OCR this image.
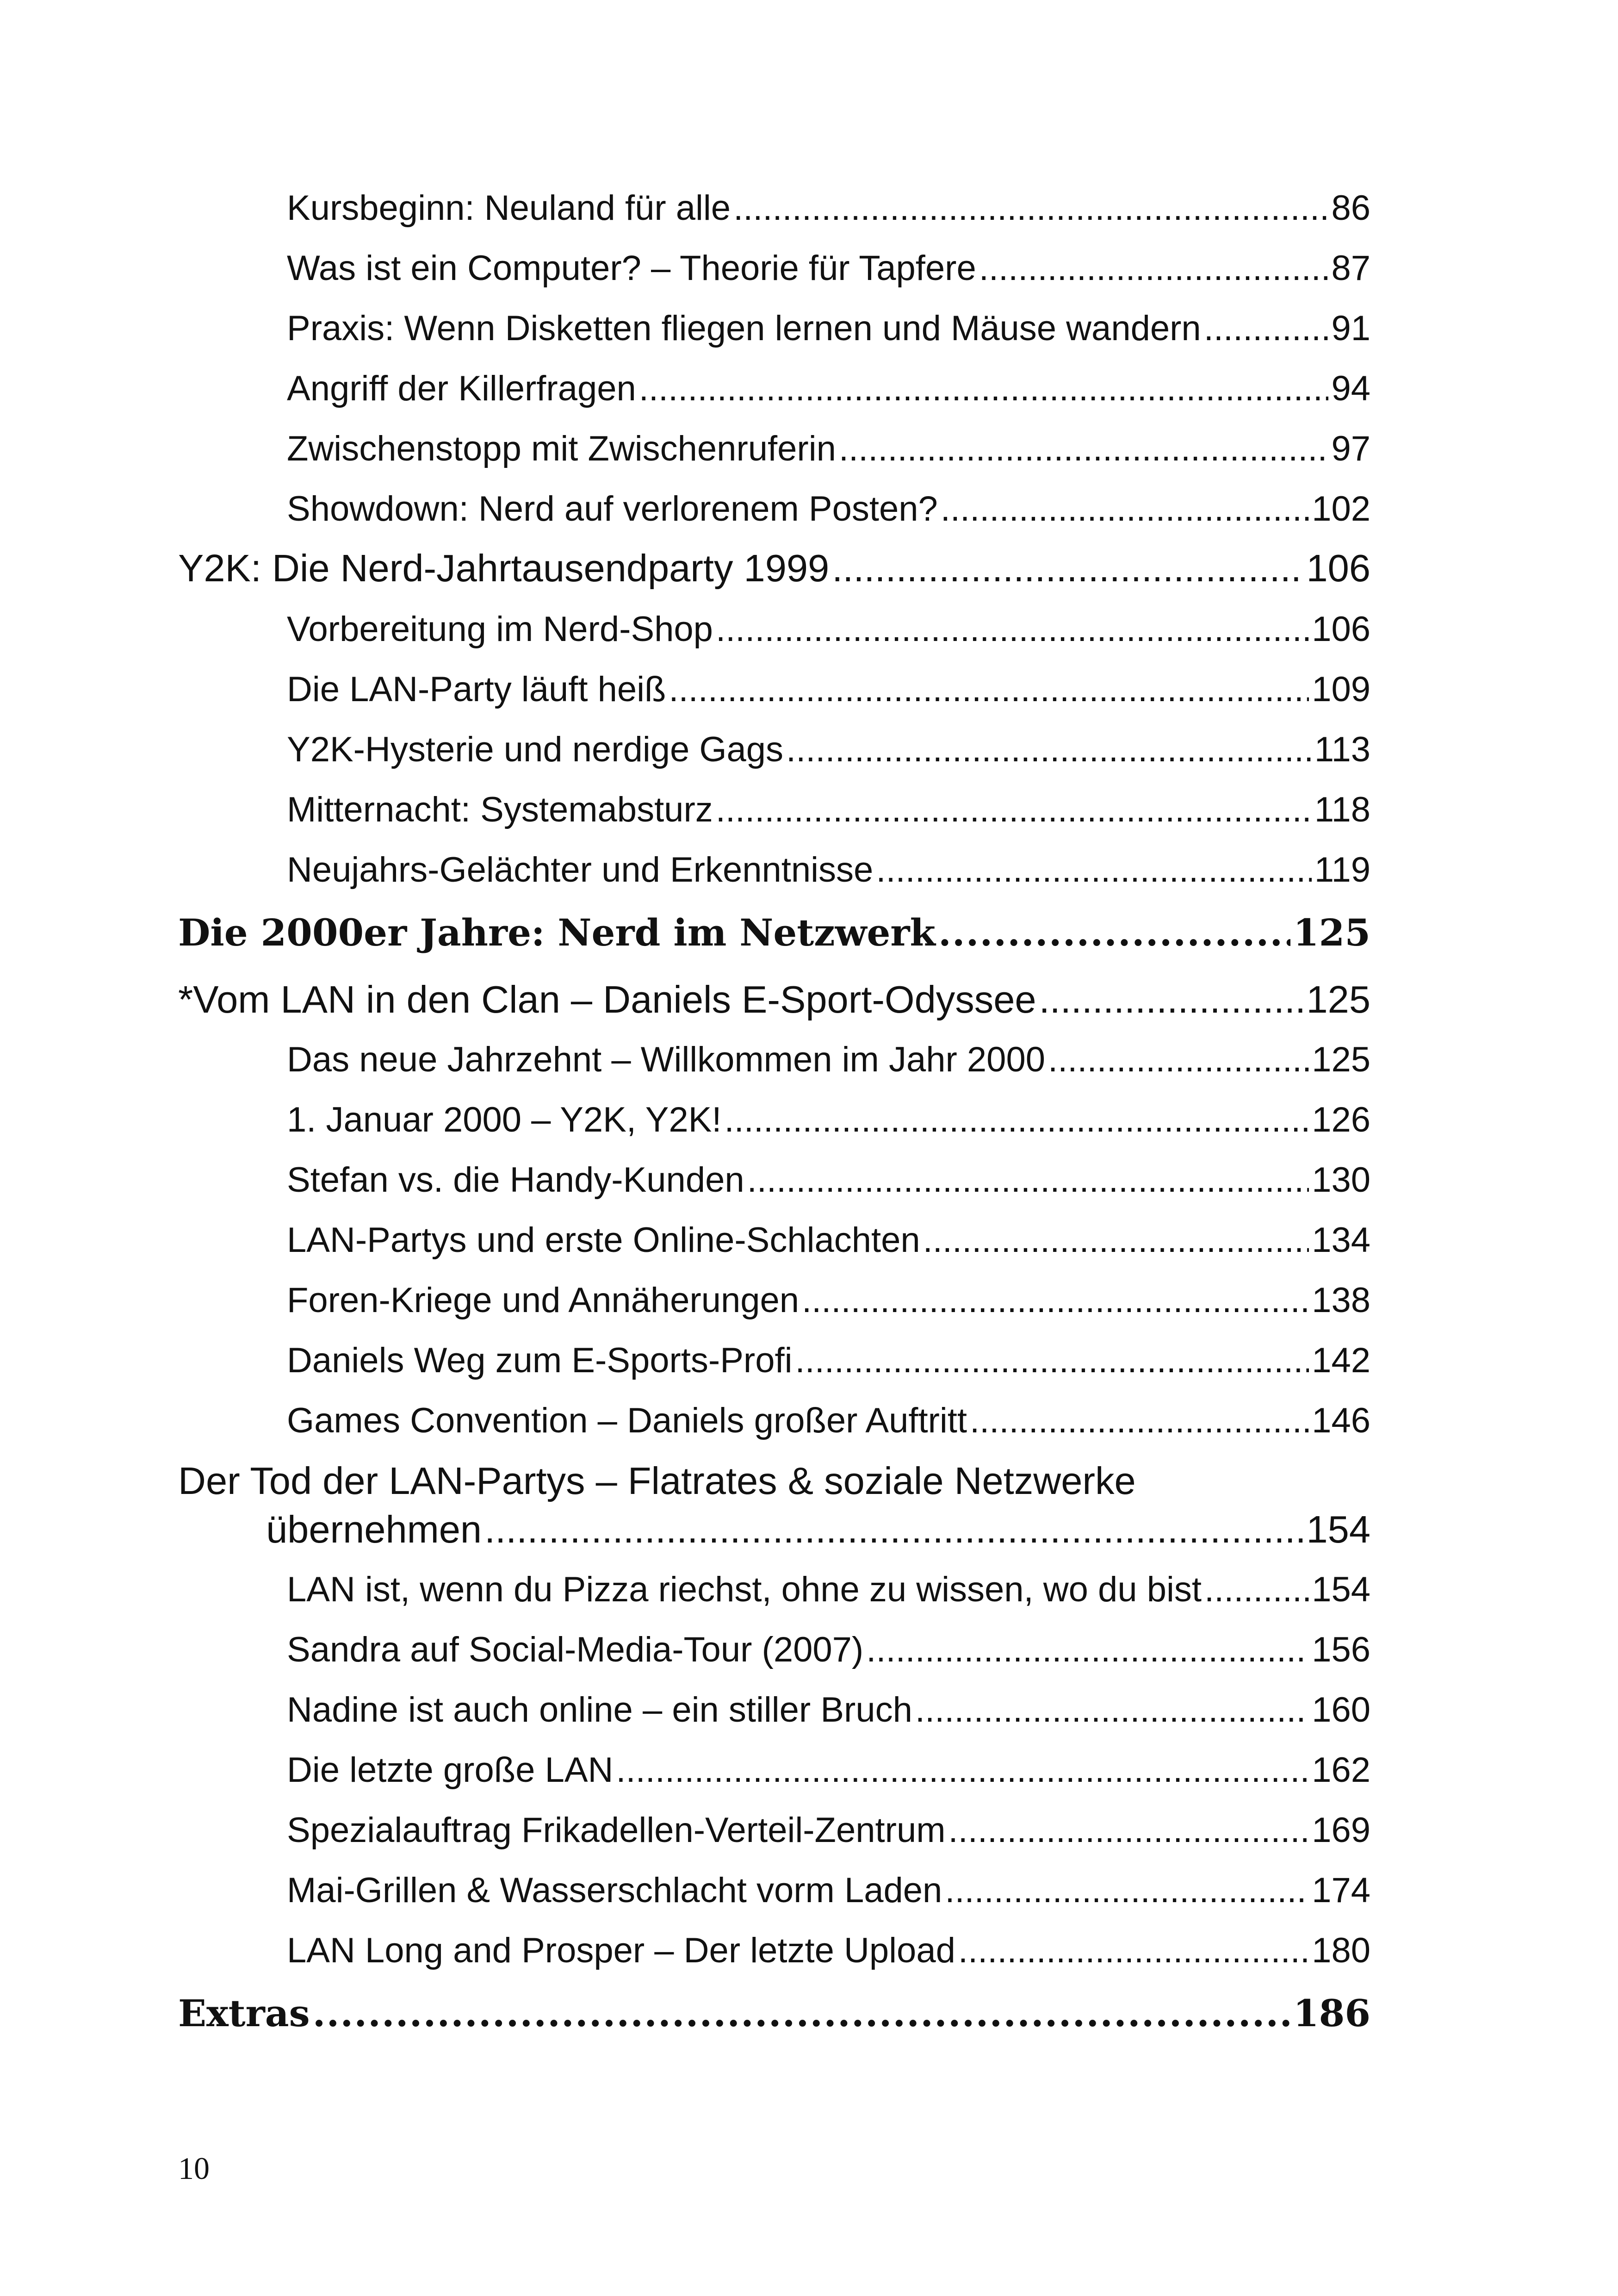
Kursbeginn: Neuland für alle .....	86
Was ist ein Computer? – Theorie für Tapfere .....	87
Praxis: Wenn Disketten fliegen lernen und Mäuse wandern .....	91
Angriff der Killerfragen .....	94
Zwischenstopp mit Zwischenruferin .....	97
Showdown: Nerd auf verlorenem Posten? .....	102
Y2K: Die Nerd-Jahrtausendparty 1999 .....	106
Vorbereitung im Nerd-Shop .....	106
Die LAN-Party läuft heiß .....	109
Y2K-Hysterie und nerdige Gags .....	113
Mitternacht: Systemabsturz .....	118
Neujahrs-Gelächter und Erkenntnisse .....	119
Die 2000er Jahre: Nerd im Netzwerk .....	125
*Vom LAN in den Clan – Daniels E-Sport-Odyssee .....	125
Das neue Jahrzehnt – Willkommen im Jahr 2000 .....	125
1. Januar 2000 – Y2K, Y2K! .....	126
Stefan vs. die Handy-Kunden .....	130
LAN-Partys und erste Online-Schlachten .....	134
Foren-Kriege und Annäherungen .....	138
Daniels Weg zum E-Sports-Profi .....	142
Games Convention – Daniels großer Auftritt .....	146
Der Tod der LAN-Partys – Flatrates & soziale Netzwerke
übernehmen .....	154
LAN ist, wenn du Pizza riechst, ohne zu wissen, wo du bist .....	154
Sandra auf Social-Media-Tour (2007) .....	156
Nadine ist auch online – ein stiller Bruch .....	160
Die letzte große LAN .....	162
Spezialauftrag Frikadellen-Verteil-Zentrum .....	169
Mai-Grillen & Wasserschlacht vorm Laden .....	174
LAN Long and Prosper – Der letzte Upload .....	180
Extras .....	186
10
